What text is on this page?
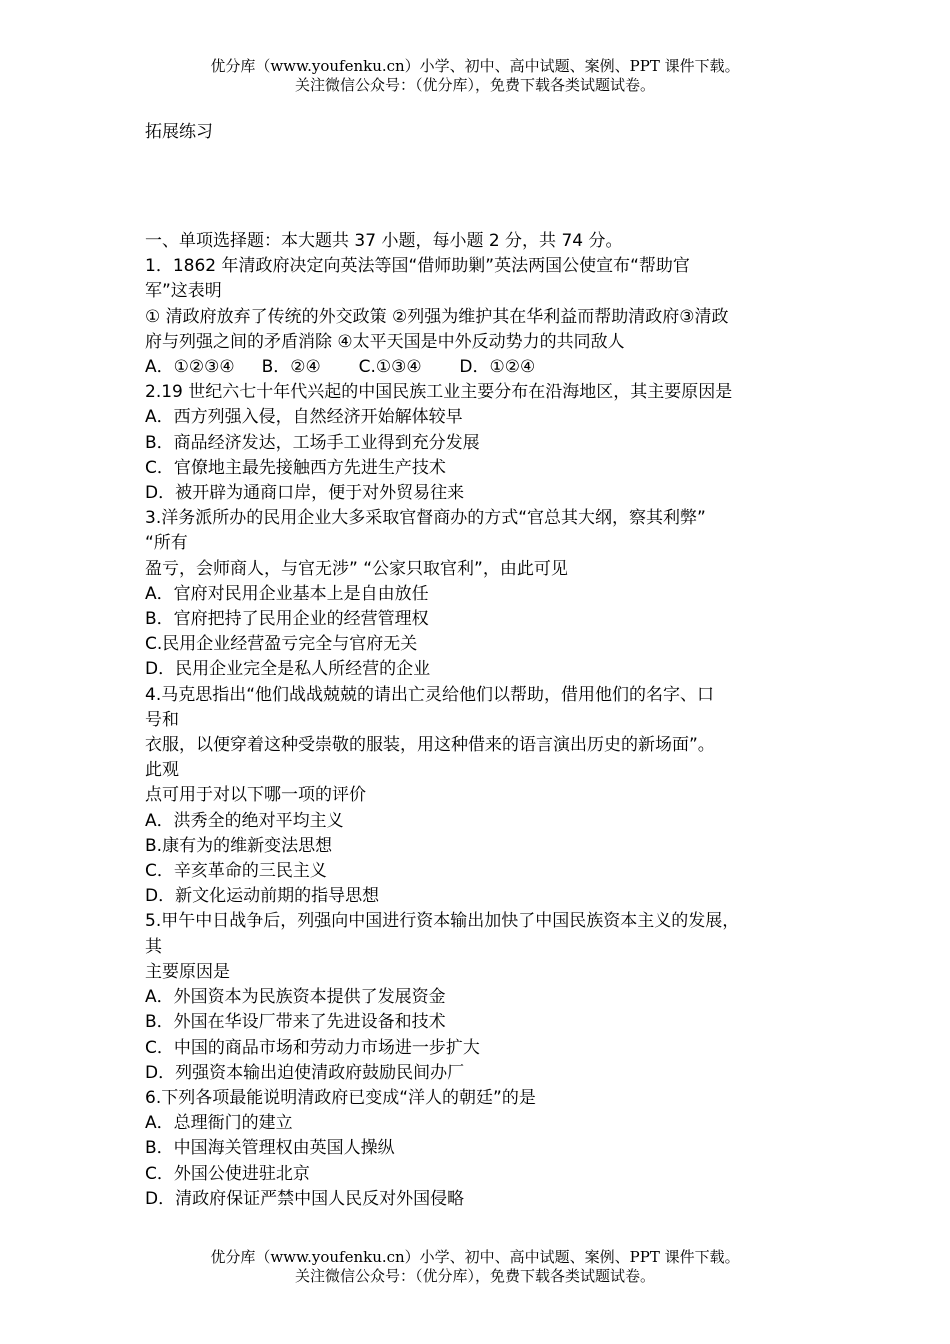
优分库（www.youfenku.cn）小学、初中、高中试题、案例、PPT 课件下载。
关注微信公众号：（优分库），免费下载各类试题试卷。
拓展练习
一、单项选择题：本大题共 37 小题，每小题 2 分，共 74 分。
1．1862 年清政府决定向英法等国“借师助剿”英法两国公使宣布“帮助官
军”这表明
① 清政府放弃了传统的外交政策 ②列强为维护其在华利益而帮助清政府③清政
府与列强之间的矛盾消除 ④太平天国是中外反动势力的共同敌人
A．①②③④     B．②④       C.①③④       D．①②④
2.19 世纪六七十年代兴起的中国民族工业主要分布在沿海地区，其主要原因是
A．西方列强入侵，自然经济开始解体较早
B．商品经济发达，工场手工业得到充分发展
C．官僚地主最先接触西方先进生产技术
D．被开辟为通商口岸，便于对外贸易往来
3.洋务派所办的民用企业大多采取官督商办的方式“官总其大纲，察其利弊”
“所有
盈亏，会师商人，与官无涉” “公家只取官利”，由此可见
A．官府对民用企业基本上是自由放任
B．官府把持了民用企业的经营管理权
C.民用企业经营盈亏完全与官府无关
D．民用企业完全是私人所经营的企业
4.马克思指出“他们战战兢兢的请出亡灵给他们以帮助，借用他们的名字、口
号和
衣服，以便穿着这种受崇敬的服装，用这种借来的语言演出历史的新场面”。
此观
点可用于对以下哪一项的评价
A．洪秀全的绝对平均主义
B.康有为的维新变法思想
C．辛亥革命的三民主义
D．新文化运动前期的指导思想
5.甲午中日战争后，列强向中国进行资本输出加快了中国民族资本主义的发展，
其
主要原因是
A．外国资本为民族资本提供了发展资金
B．外国在华设厂带来了先进设备和技术
C．中国的商品市场和劳动力市场进一步扩大
D．列强资本输出迫使清政府鼓励民间办厂
6.下列各项最能说明清政府已变成“洋人的朝廷”的是
A．总理衙门的建立
B．中国海关管理权由英国人操纵
C．外国公使进驻北京
D．清政府保证严禁中国人民反对外国侵略
优分库（www.youfenku.cn）小学、初中、高中试题、案例、PPT 课件下载。
关注微信公众号：（优分库），免费下载各类试题试卷。
